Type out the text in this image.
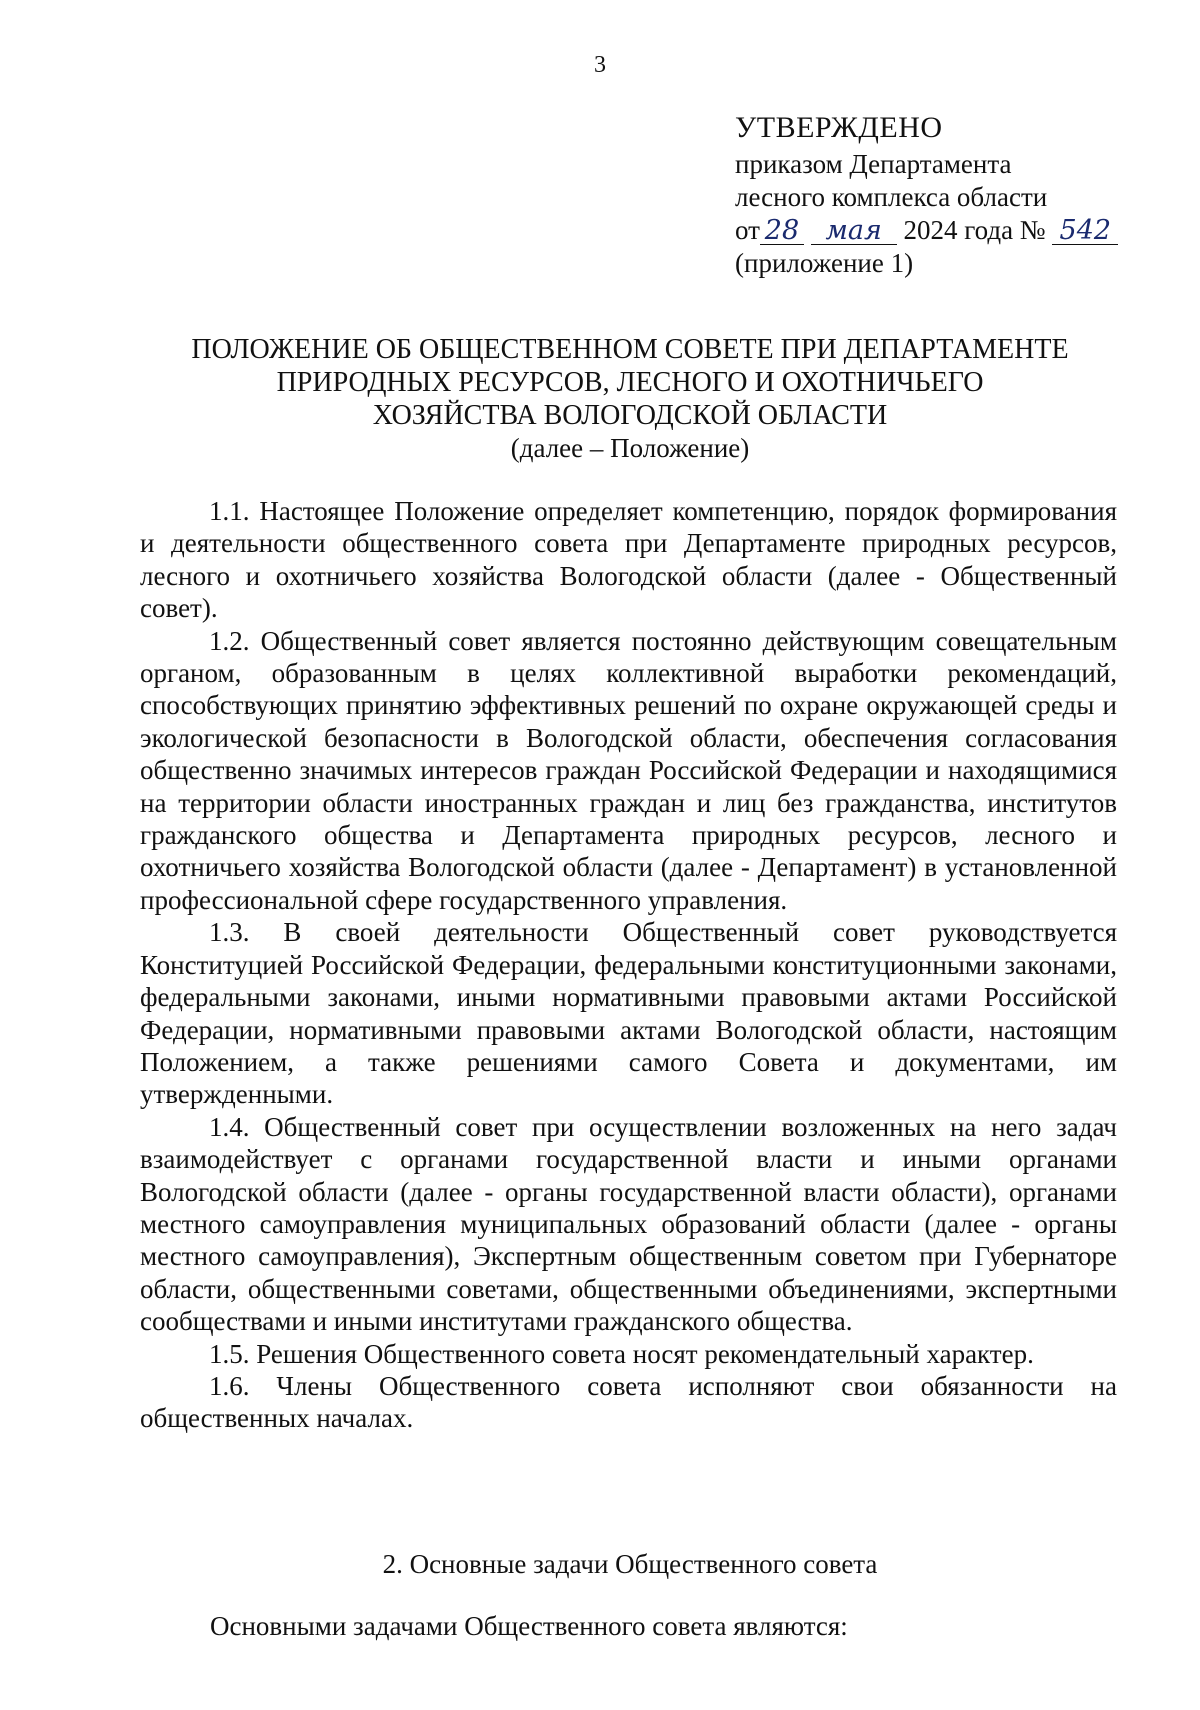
3
УТВЕРЖДЕНО
приказом Департамента
лесного комплекса области
от 28 мая 2024 года № 542
(приложение 1)
ПОЛОЖЕНИЕ ОБ ОБЩЕСТВЕННОМ СОВЕТЕ ПРИ ДЕПАРТАМЕНТЕ
ПРИРОДНЫХ РЕСУРСОВ, ЛЕСНОГО И ОХОТНИЧЬЕГО
ХОЗЯЙСТВА ВОЛОГОДСКОЙ ОБЛАСТИ
(далее – Положение)

1.1. Настоящее Положение определяет компетенцию, порядок формирования и деятельности общественного совета при Департаменте природных ресурсов, лесного и охотничьего хозяйства Вологодской области (далее - Общественный совет).

1.2. Общественный совет является постоянно действующим совещательным органом, образованным в целях коллективной выработки рекомендаций, способствующих принятию эффективных решений по охране окружающей среды и экологической безопасности в Вологодской области, обеспечения согласования общественно значимых интересов граждан Российской Федерации и находящимися на территории области иностранных граждан и лиц без гражданства, институтов гражданского общества и Департамента природных ресурсов, лесного и охотничьего хозяйства Вологодской области (далее - Департамент) в установленной профессиональной сфере государственного управления.

1.3. В своей деятельности Общественный совет руководствуется Конституцией Российской Федерации, федеральными конституционными законами, федеральными законами, иными нормативными правовыми актами Российской Федерации, нормативными правовыми актами Вологодской области, настоящим Положением, а также решениями самого Совета и документами, им утвержденными.

1.4. Общественный совет при осуществлении возложенных на него задач взаимодействует с органами государственной власти и иными органами Вологодской области (далее - органы государственной власти области), органами местного самоуправления муниципальных образований области (далее - органы местного самоуправления), Экспертным общественным советом при Губернаторе области, общественными советами, общественными объединениями, экспертными сообществами и иными институтами гражданского общества.

1.5. Решения Общественного совета носят рекомендательный характер.

1.6. Члены Общественного совета исполняют свои обязанности на общественных началах.

2. Основные задачи Общественного совета
Основными задачами Общественного совета являются:
